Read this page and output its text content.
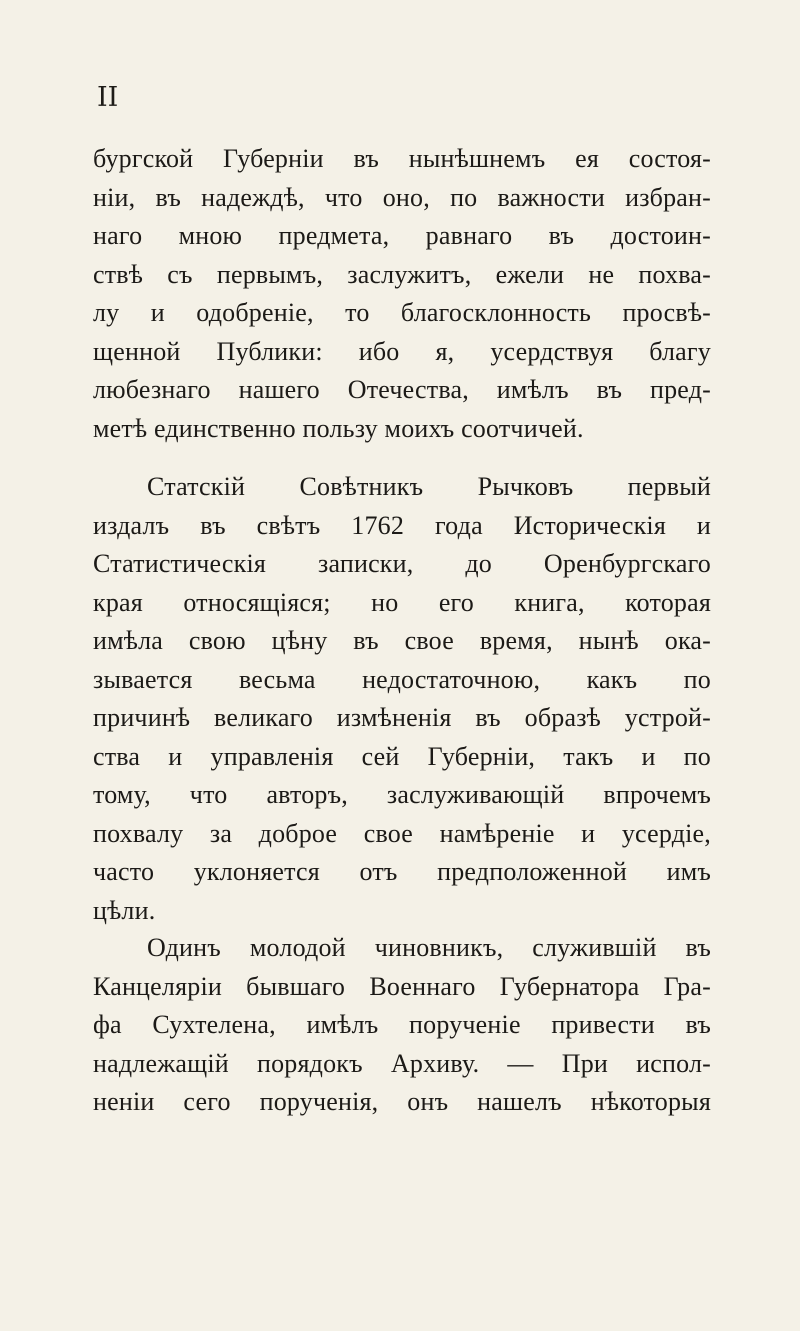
II
бургской Губерніи въ нынѣшнемъ ея состоя-
ніи, въ надеждѣ, что оно, по важности избран-
наго мною предмета, равнаго въ достоин-
ствѣ съ первымъ, заслужитъ, ежели не похва-
лу и одобреніе, то благосклонность просвѣ-
щенной Публики: ибо я, усердствуя благу
любезнаго нашего Отечества, имѣлъ въ пред-
метѣ единственно пользу моихъ соотчичей.
Статскій Совѣтникъ Рычковъ первый
издалъ въ свѣтъ 1762 года Историческія и
Статистическія записки, до Оренбургскаго
края относящіяся; но его книга, которая
имѣла свою цѣну въ свое время, нынѣ ока-
зывается весьма недостаточною, какъ по
причинѣ великаго измѣненія въ образѣ устрой-
ства и управленія сей Губерніи, такъ и по
тому, что авторъ, заслуживающій впрочемъ
похвалу за доброе свое намѣреніе и усердіе,
часто уклоняется отъ предположенной имъ
цѣли.
Одинъ молодой чиновникъ, служившій въ
Канцеляріи бывшаго Военнаго Губернатора Гра-
фа Сухтелена, имѣлъ порученіе привести въ
надлежащій порядокъ Архиву. — При испол-
неніи сего порученія, онъ нашелъ нѣкоторыя
